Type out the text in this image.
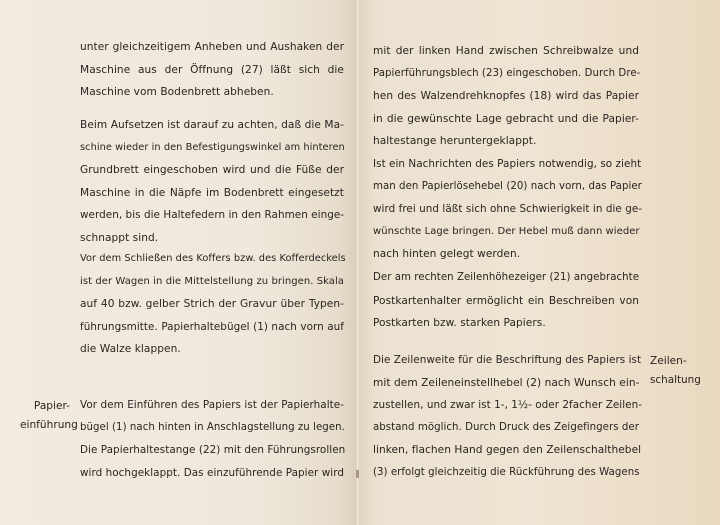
unter gleichzeitigem Anheben und Aushaken der
Maschine aus der Öffnung (27) läßt sich die
Maschine vom Bodenbrett abheben.
Beim Aufsetzen ist darauf zu achten, daß die Ma-
schine wieder in den Befestigungswinkel am hinteren
Grundbrett eingeschoben wird und die Füße der
Maschine in die Näpfe im Bodenbrett eingesetzt
werden, bis die Haltefedern in den Rahmen einge-
schnappt sind.
Vor dem Schließen des Koffers bzw. des Kofferdeckels
ist der Wagen in die Mittelstellung zu bringen. Skala
auf 40 bzw. gelber Strich der Gravur über Typen-
führungsmitte. Papierhaltebügel (1) nach vorn auf
die Walze klappen.
Papier-
einführung
Vor dem Einführen des Papiers ist der Papierhalte-
bügel (1) nach hinten in Anschlagstellung zu legen.
Die Papierhaltestange (22) mit den Führungsrollen
wird hochgeklappt. Das einzuführende Papier wird
mit der linken Hand zwischen Schreibwalze und
Papierführungsblech (23) eingeschoben. Durch Dre-
hen des Walzendrehknopfes (18) wird das Papier
in die gewünschte Lage gebracht und die Papier-
haltestange heruntergeklappt.
Ist ein Nachrichten des Papiers notwendig, so zieht
man den Papierlösehebel (20) nach vorn, das Papier
wird frei und läßt sich ohne Schwierigkeit in die ge-
wünschte Lage bringen. Der Hebel muß dann wieder
nach hinten gelegt werden.
Der am rechten Zeilenhöhezeiger (21) angebrachte
Postkartenhalter ermöglicht ein Beschreiben von
Postkarten bzw. starken Papiers.
Die Zeilenweite für die Beschriftung des Papiers ist
mit dem Zeileneinstellhebel (2) nach Wunsch ein-
zustellen, und zwar ist 1-, 1½- oder 2facher Zeilen-
abstand möglich. Durch Druck des Zeigefingers der
linken, flachen Hand gegen den Zeilenschalthebel
(3) erfolgt gleichzeitig die Rückführung des Wagens
Zeilen-
schaltung
